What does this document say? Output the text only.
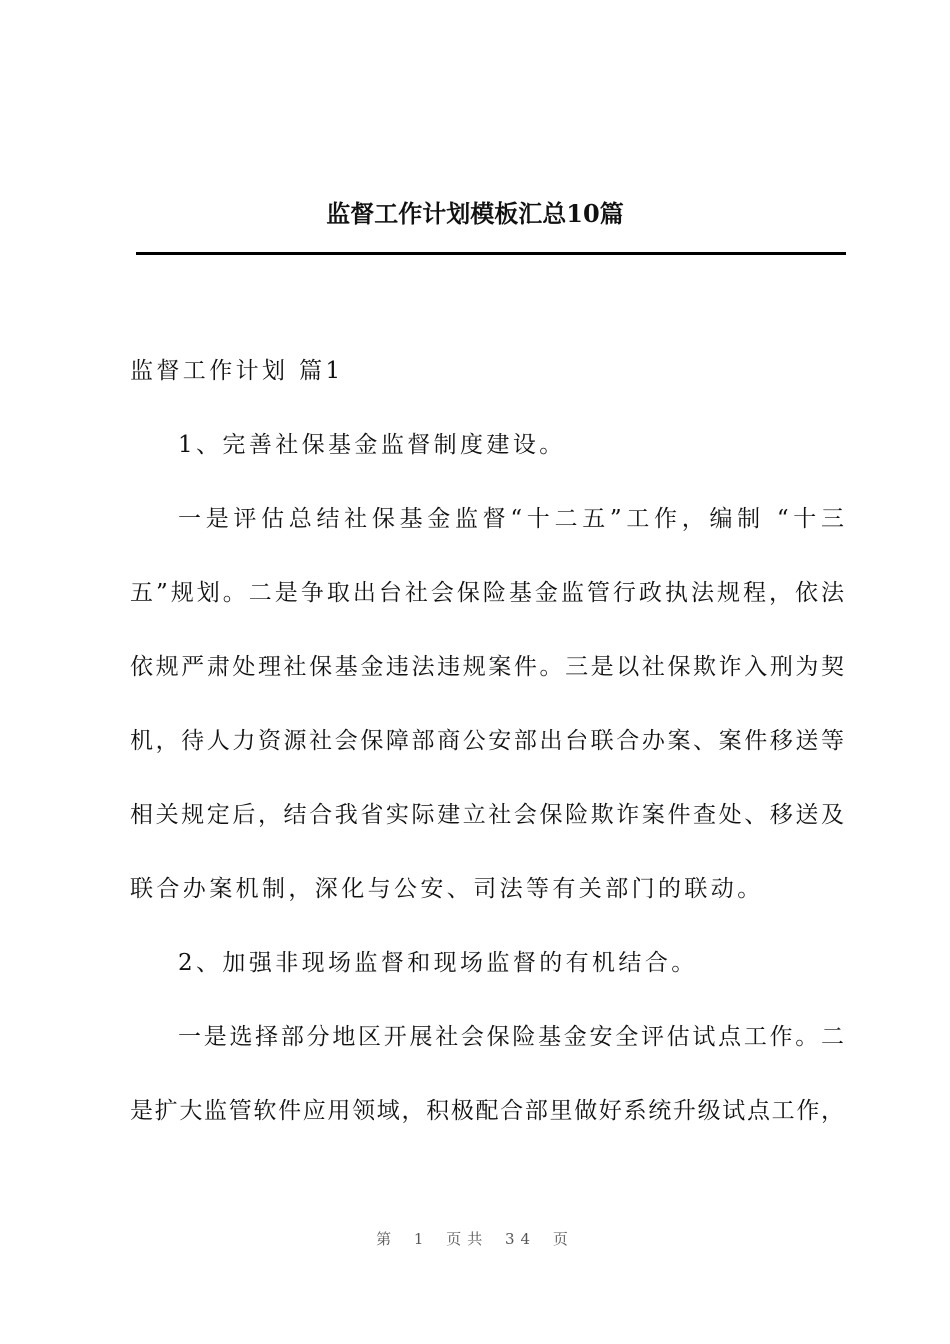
监督工作计划模板汇总10篇

监督工作计划 篇1

1、完善社保基金监督制度建设。

一是评估总结社保基金监督“十二五”工作，编制 “十三

五”规划。二是争取出台社会保险基金监管行政执法规程，依法

依规严肃处理社保基金违法违规案件。三是以社保欺诈入刑为契

机，待人力资源社会保障部商公安部出台联合办案、案件移送等

相关规定后，结合我省实际建立社会保险欺诈案件查处、移送及

联合办案机制，深化与公安、司法等有关部门的联动。

2、加强非现场监督和现场监督的有机结合。

一是选择部分地区开展社会保险基金安全评估试点工作。二

是扩大监管软件应用领域，积极配合部里做好系统升级试点工作，

第 1 页共 34 页
